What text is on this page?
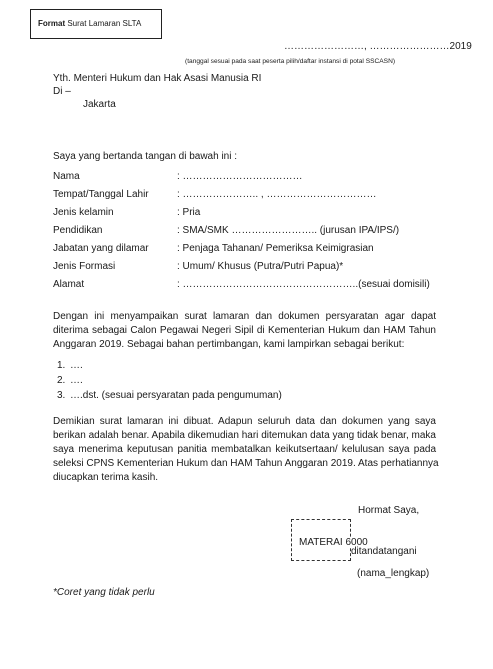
Format Surat Lamaran SLTA
……………………, ……………………2019
(tanggal sesuai pada saat peserta pilih/daftar instansi di potal SSCASN)
Yth. Menteri Hukum dan Hak Asasi Manusia RI
Di –
Jakarta
Saya yang bertanda tangan di bawah ini :
Nama	: ………………………………
Tempat/Tanggal Lahir	: ………………….. , ……………………………
Jenis kelamin	: Pria
Pendidikan	: SMA/SMK …………………….. (jurusan IPA/IPS/)
Jabatan yang dilamar	: Penjaga Tahanan/ Pemeriksa Keimigrasian
Jenis Formasi	: Umum/ Khusus (Putra/Putri Papua)*
Alamat	: ……………………………………………..(sesuai domisili)
Dengan ini menyampaikan surat lamaran dan dokumen persyaratan agar dapat
diterima sebagai Calon Pegawai Negeri Sipil di Kementerian Hukum dan HAM Tahun
Anggaran 2019. Sebagai bahan pertimbangan, kami lampirkan sebagai berikut:
1. ….
2. ….
3. ….dst. (sesuai persyaratan pada pengumuman)
Demikian surat lamaran ini dibuat. Adapun seluruh data dan dokumen yang saya
berikan adalah benar. Apabila dikemudian hari ditemukan data yang tidak benar, maka
saya menerima keputusan panitia membatalkan keikutsertaan/ kelulusan saya pada
seleksi CPNS Kementerian Hukum dan HAM Tahun Anggaran 2019. Atas perhatiannya
diucapkan terima kasih.
Hormat Saya,
MATERAI 6000
ditandatangani
(nama_lengkap)
*Coret yang tidak perlu
